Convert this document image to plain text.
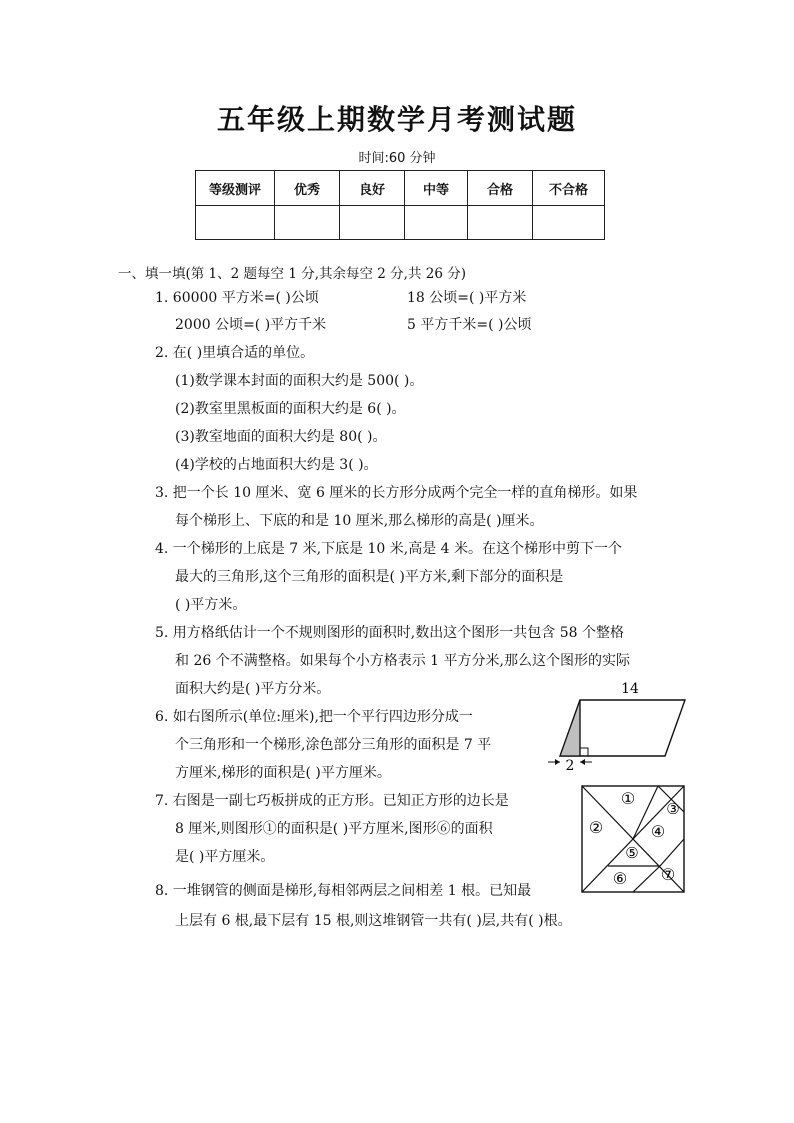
五年级上期数学月考测试题
时间:60 分钟
等级测评	优秀	良好	中等	合格	不合格

一、填一填(第 1、2 题每空 1 分,其余每空 2 分,共 26 分)
1. 60000 平方米=( )公顷	18 公顷=( )平方米
2000 公顷=( )平方千米	5 平方千米=( )公顷
2. 在( )里填合适的单位。
(1)数学课本封面的面积大约是 500( )。
(2)教室里黑板面的面积大约是 6( )。
(3)教室地面的面积大约是 80( )。
(4)学校的占地面积大约是 3( )。
3. 把一个长 10 厘米、宽 6 厘米的长方形分成两个完全一样的直角梯形。如果
每个梯形上、下底的和是 10 厘米,那么梯形的高是( )厘米。
4. 一个梯形的上底是 7 米,下底是 10 米,高是 4 米。在这个梯形中剪下一个
最大的三角形,这个三角形的面积是( )平方米,剩下部分的面积是
( )平方米。
5. 用方格纸估计一个不规则图形的面积时,数出这个图形一共包含 58 个整格
和 26 个不满整格。如果每个小方格表示 1 平方分米,那么这个图形的实际
面积大约是( )平方分米。
6. 如右图所示(单位:厘米),把一个平行四边形分成一
个三角形和一个梯形,涂色部分三角形的面积是 7 平
方厘米,梯形的面积是( )平方厘米。
14
2
7. 右图是一副七巧板拼成的正方形。已知正方形的边长是
8 厘米,则图形①的面积是( )平方厘米,图形⑥的面积
是( )平方厘米。
①
②
③
④
⑤
⑥ ⑦
8. 一堆钢管的侧面是梯形,每相邻两层之间相差 1 根。已知最
上层有 6 根,最下层有 15 根,则这堆钢管一共有( )层,共有( )根。
